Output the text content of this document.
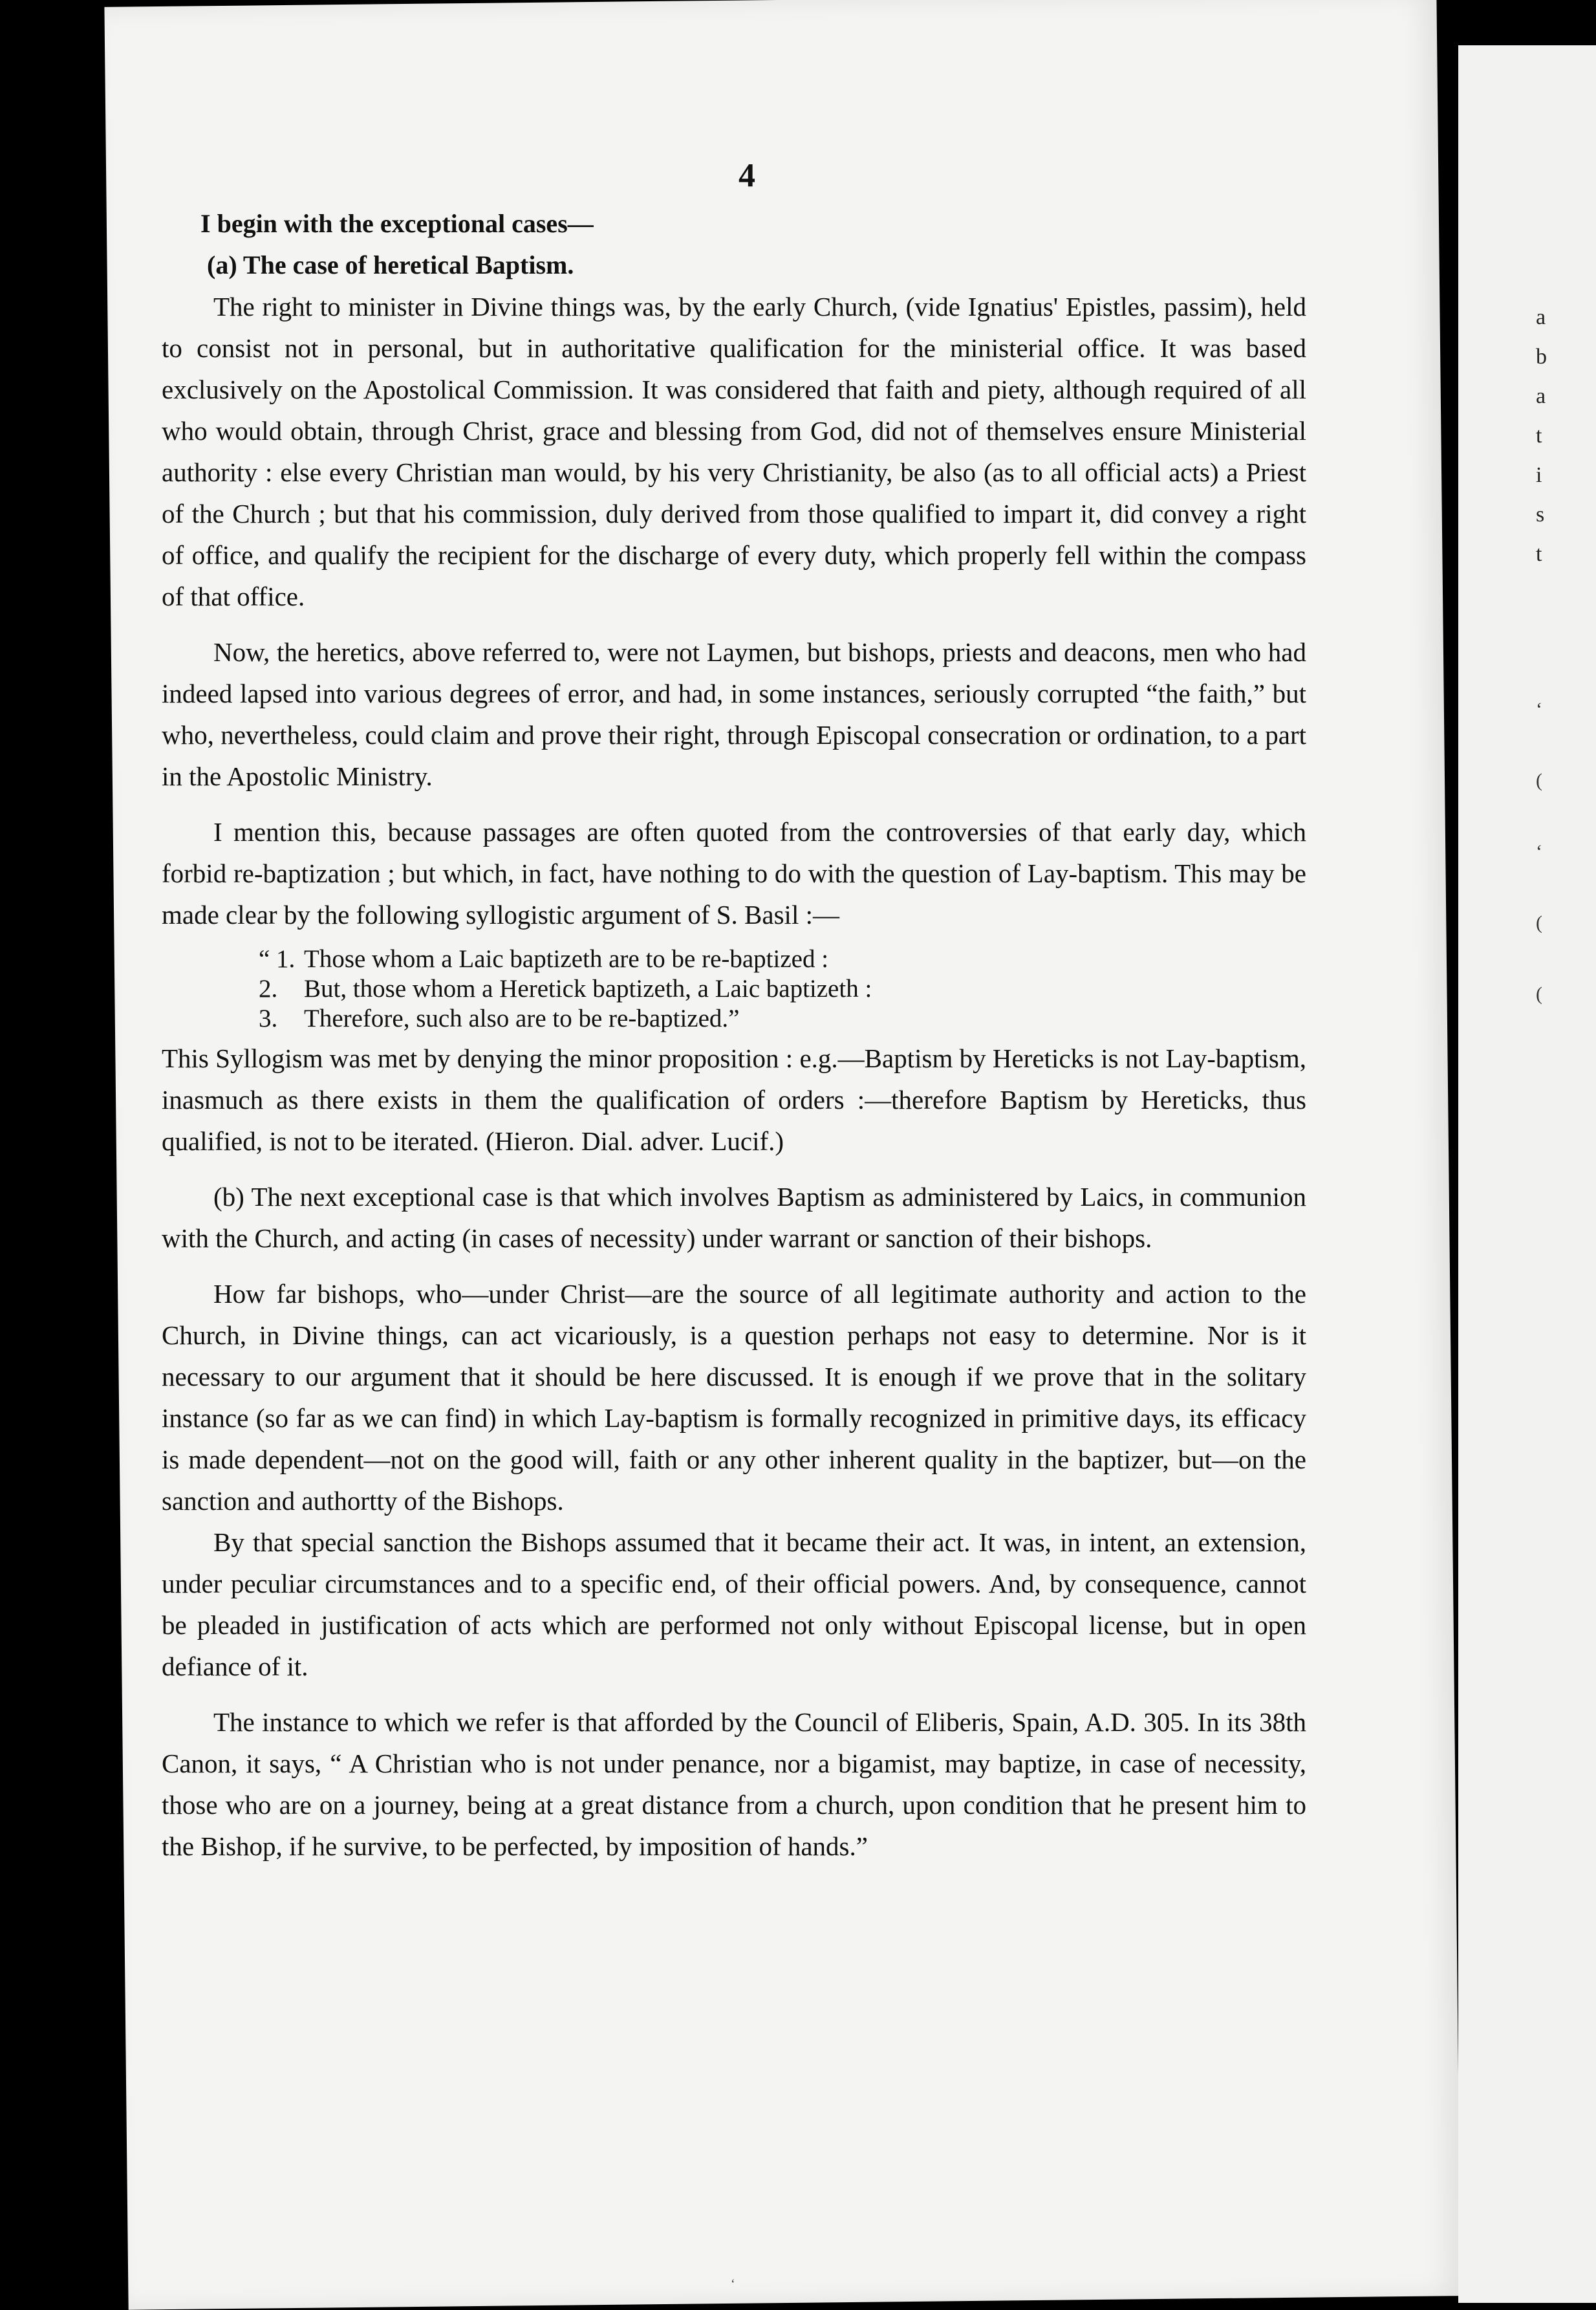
a
b
a
t
i
s
t
‘
(
‘
(
(
4

I begin with the exceptional cases—

(a) The case of heretical Baptism.

The right to minister in Divine things was, by the early Church, (vide Ignatius' Epistles, passim), held to consist not in personal, but in authoritative qualification for the ministerial office. It was based exclusively on the Apostolical Commission. It was considered that faith and piety, although required of all who would obtain, through Christ, grace and blessing from God, did not of themselves ensure Ministerial authority : else every Christian man would, by his very Christianity, be also (as to all official acts) a Priest of the Church ; but that his commission, duly derived from those qualified to impart it, did convey a right of office, and qualify the recipient for the discharge of every duty, which properly fell within the compass of that office.

Now, the heretics, above referred to, were not Laymen, but bishops, priests and deacons, men who had indeed lapsed into various degrees of error, and had, in some instances, seriously corrupted “the faith,” but who, nevertheless, could claim and prove their right, through Episcopal consecration or ordination, to a part in the Apostolic Ministry.

I mention this, because passages are often quoted from the controversies of that early day, which forbid re-baptization ; but which, in fact, have nothing to do with the question of Lay-baptism. This may be made clear by the following syllogistic argument of S. Basil :—

“ 1. Those whom a Laic baptizeth are to be re-baptized :
2.	But, those whom a Heretick baptizeth, a Laic baptizeth :
3.	Therefore, such also are to be re-baptized.”

This Syllogism was met by denying the minor proposition : e.g.—Baptism by Hereticks is not Lay-baptism, inasmuch as there exists in them the qualification of orders :—therefore Baptism by Hereticks, thus qualified, is not to be iterated. (Hieron. Dial. adver. Lucif.)

(b) The next exceptional case is that which involves Baptism as administered by Laics, in communion with the Church, and acting (in cases of necessity) under warrant or sanction of their bishops.

How far bishops, who—under Christ—are the source of all legitimate authority and action to the Church, in Divine things, can act vicariously, is a question perhaps not easy to determine. Nor is it necessary to our argument that it should be here discussed. It is enough if we prove that in the solitary instance (so far as we can find) in which Lay-baptism is formally recognized in primitive days, its efficacy is made dependent—not on the good will, faith or any other inherent quality in the baptizer, but—on the sanction and authortty of the Bishops.

By that special sanction the Bishops assumed that it became their act. It was, in intent, an extension, under peculiar circumstances and to a specific end, of their official powers. And, by consequence, cannot be pleaded in justification of acts which are performed not only without Episcopal license, but in open defiance of it.

The instance to which we refer is that afforded by the Council of Eliberis, Spain, A.D. 305. In its 38th Canon, it says, “ A Christian who is not under penance, nor a bigamist, may baptize, in case of necessity, those who are on a journey, being at a great distance from a church, upon condition that he present him to the Bishop, if he survive, to be perfected, by imposition of hands.”

‘
